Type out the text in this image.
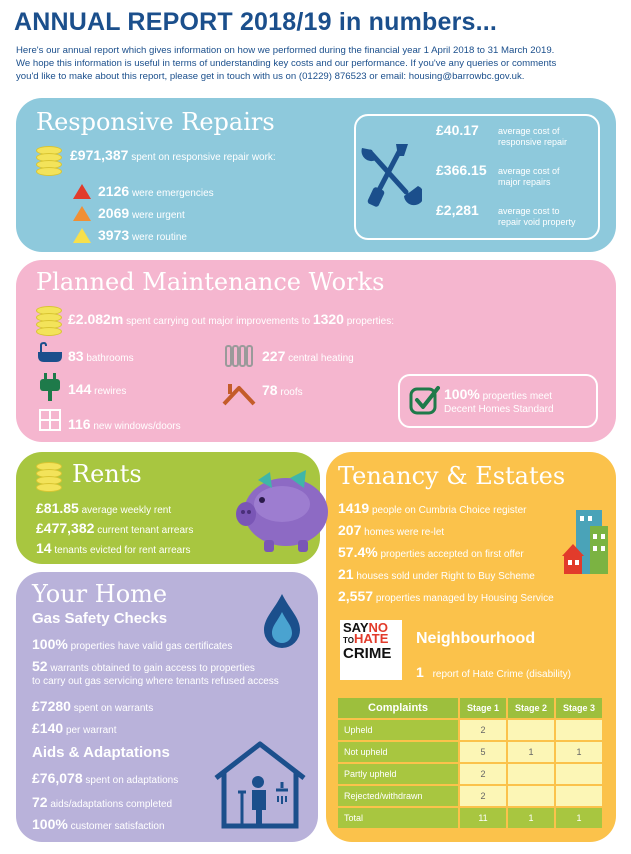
ANNUAL REPORT 2018/19 in numbers...
Here's our annual report which gives information on how we performed during the financial year 1 April 2018 to 31 March 2019.
We hope this information is useful in terms of understanding key costs and our performance. If you've any queries or comments
you'd like to make about this report, please get in touch with us on (01229) 876523 or email: housing@barrowbc.gov.uk.
Responsive Repairs
£971,387 spent on responsive repair work:
2126 were emergencies
2069 were urgent
3973 were routine
£40.17 average cost of
responsive repair
£366.15 average cost of
major repairs
£2,281 average cost to
repair void property
Planned Maintenance Works
£2.082m spent carrying out major improvements to 1320 properties:
83 bathrooms	227 central heating
144 rewires	78 roofs
116 new windows/doors
100% properties meet
Decent Homes Standard
Rents
£81.85 average weekly rent
£477,382 current tenant arrears
14 tenants evicted for rent arrears
Tenancy & Estates
1419 people on Cumbria Choice register
207 homes were re-let
57.4% properties accepted on first offer
21 houses sold under Right to Buy Scheme
2,557 properties managed by Housing Service
SAYNO
TOHATE
CRIME
Neighbourhood
1 report of Hate Crime (disability)
Complaints	Stage 1	Stage 2	Stage 3
Upheld	2		
Not upheld	5	1	1
Partly upheld	2		
Rejected/withdrawn	2		
Total	11	1	1
Your Home
Gas Safety Checks
100% properties have valid gas certificates
52 warrants obtained to gain access to properties
to carry out gas servicing where tenants refused access
£7280 spent on warrants
£140 per warrant
Aids & Adaptations
£76,078 spent on adaptations
72 aids/adaptations completed
100% customer satisfaction
